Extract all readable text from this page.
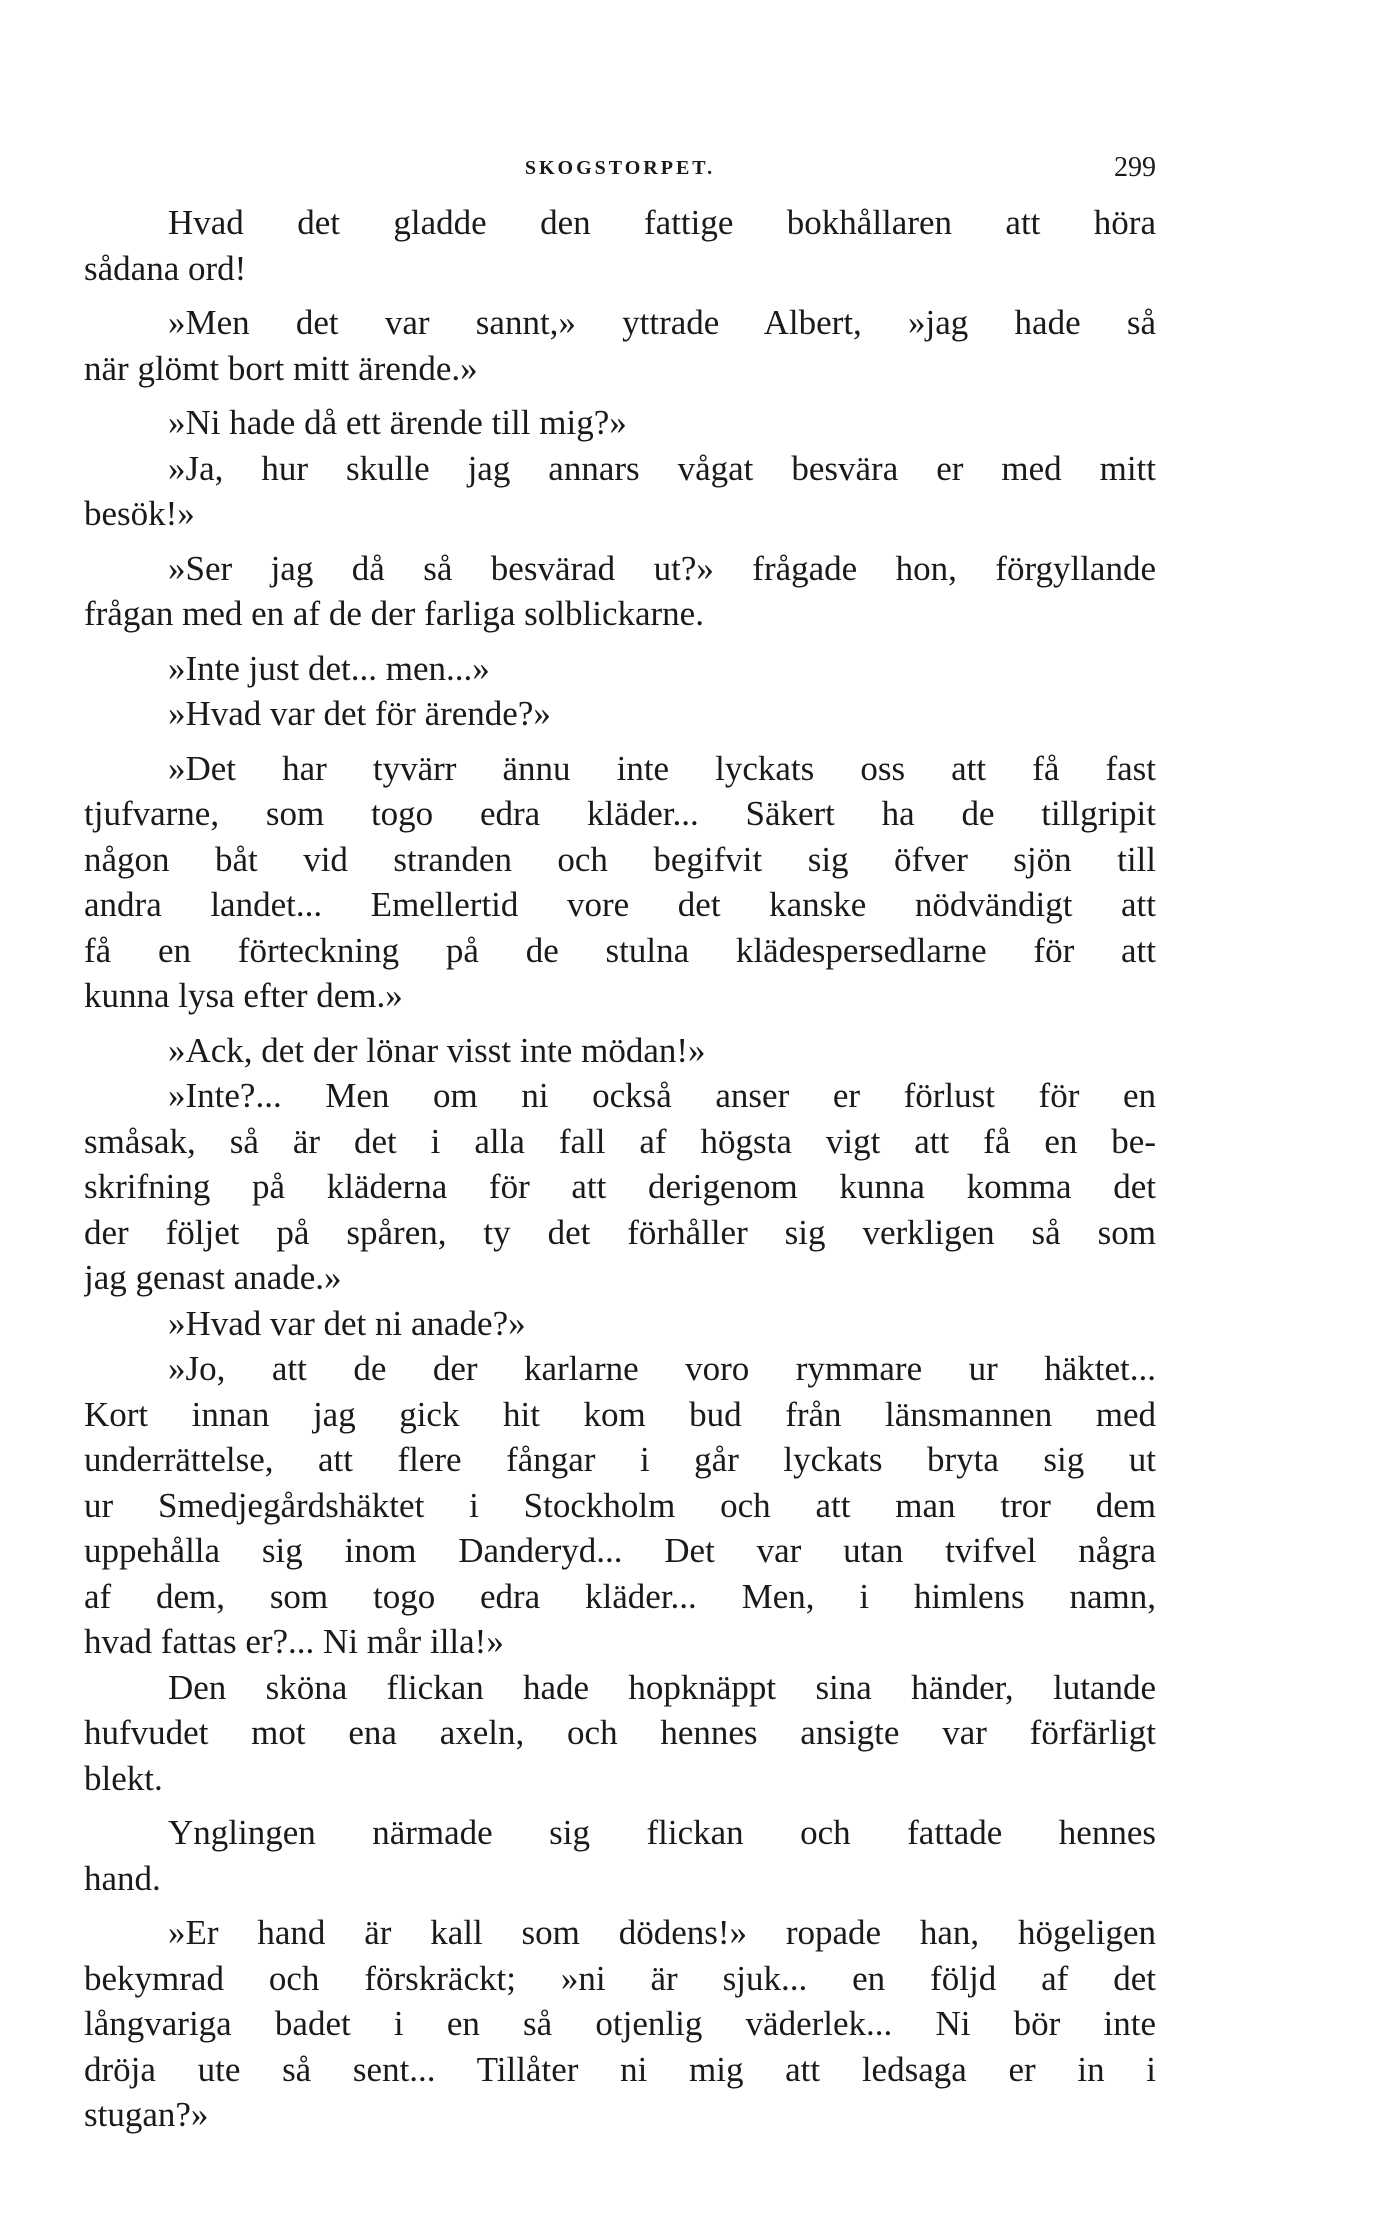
SKOGSTORPET.	299
Hvad det gladde den fattige bokhållaren att höra
sådana ord!
»Men det var sannt,» yttrade Albert, »jag hade så
när glömt bort mitt ärende.»
»Ni hade då ett ärende till mig?»
»Ja, hur skulle jag annars vågat besvära er med mitt
besök!»
»Ser jag då så besvärad ut?» frågade hon, förgyllande
frågan med en af de der farliga solblickarne.
»Inte just det... men...»
»Hvad var det för ärende?»
»Det har tyvärr ännu inte lyckats oss att få fast
tjufvarne, som togo edra kläder... Säkert ha de tillgripit
någon båt vid stranden och begifvit sig öfver sjön till
andra landet... Emellertid vore det kanske nödvändigt att
få en förteckning på de stulna klädespersedlarne för att
kunna lysa efter dem.»
»Ack, det der lönar visst inte mödan!»
»Inte?... Men om ni också anser er förlust för en
småsak, så är det i alla fall af högsta vigt att få en be-
skrifning på kläderna för att derigenom kunna komma det
der följet på spåren, ty det förhåller sig verkligen så som
jag genast anade.»
»Hvad var det ni anade?»
»Jo, att de der karlarne voro rymmare ur häktet...
Kort innan jag gick hit kom bud från länsmannen med
underrättelse, att flere fångar i går lyckats bryta sig ut
ur Smedjegårdshäktet i Stockholm och att man tror dem
uppehålla sig inom Danderyd... Det var utan tvifvel några
af dem, som togo edra kläder... Men, i himlens namn,
hvad fattas er?... Ni mår illa!»
Den sköna flickan hade hopknäppt sina händer, lutande
hufvudet mot ena axeln, och hennes ansigte var förfärligt
blekt.
Ynglingen närmade sig flickan och fattade hennes
hand.
»Er hand är kall som dödens!» ropade han, högeligen
bekymrad och förskräckt; »ni är sjuk... en följd af det
långvariga badet i en så otjenlig väderlek... Ni bör inte
dröja ute så sent... Tillåter ni mig att ledsaga er in i
stugan?»
